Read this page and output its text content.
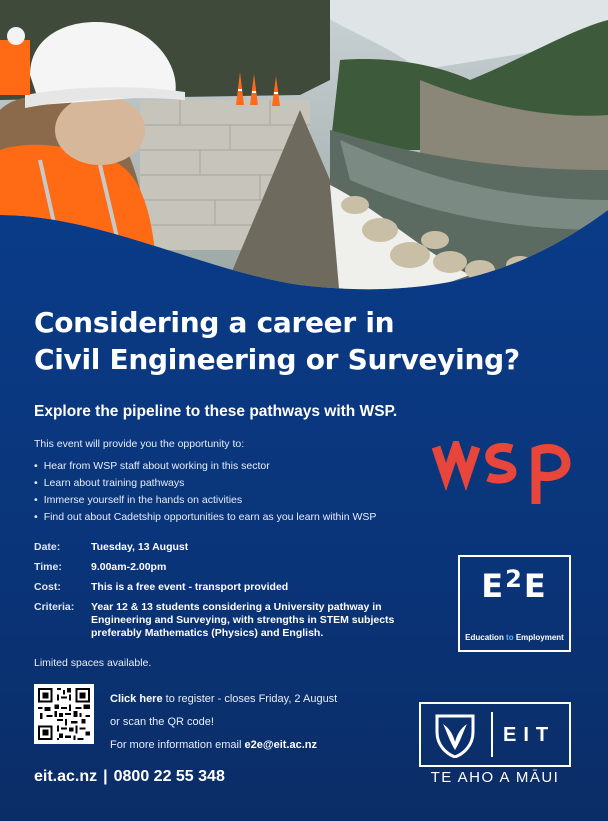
Considering a career in
Civil Engineering or Surveying?

Explore the pipeline to these pathways with WSP.

This event will provide you the opportunity to:
• Hear from WSP staff about working in this sector
• Learn about training pathways
• Immerse yourself in the hands on activities
• Find out about Cadetship opportunities to earn as you learn within WSP
Date:	Tuesday, 13 August
Time:	9.00am-2.00pm
Cost:	This is a free event - transport provided
Criteria:	Year 12 & 13 students considering a University pathway in Engineering and Surveying, with strengths in STEM subjects preferably Mathematics (Physics) and English.
Limited spaces available.
Click here to register - closes Friday, 2 August
or scan the QR code!
For more information email e2e@eit.ac.nz
eit.ac.nz | 0800 22 55 348
$E^2E$
Education to Employment
EIT
TE AHO A MĀUI
